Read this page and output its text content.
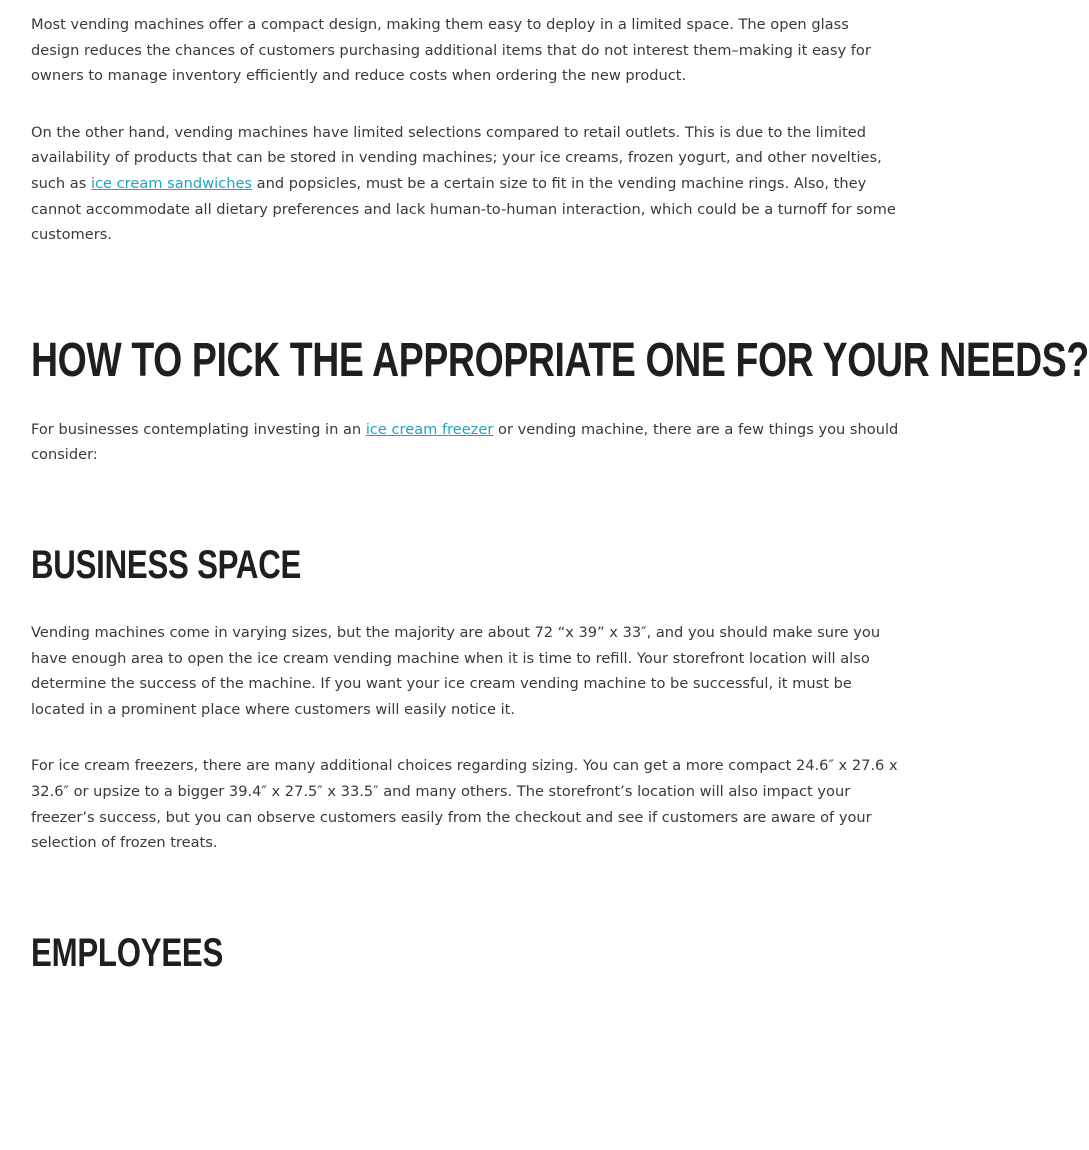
Most vending machines offer a compact design, making them easy to deploy in a limited space. The open glass design reduces the chances of customers purchasing additional items that do not interest them–making it easy for owners to manage inventory efficiently and reduce costs when ordering the new product.

On the other hand, vending machines have limited selections compared to retail outlets. This is due to the limited availability of products that can be stored in vending machines; your ice creams, frozen yogurt, and other novelties, such as ice cream sandwiches and popsicles, must be a certain size to fit in the vending machine rings. Also, they cannot accommodate all dietary preferences and lack human-to-human interaction, which could be a turnoff for some customers.

HOW TO PICK THE APPROPRIATE ONE FOR YOUR NEEDS?

For businesses contemplating investing in an ice cream freezer or vending machine, there are a few things you should consider:

BUSINESS SPACE

Vending machines come in varying sizes, but the majority are about 72 “x 39” x 33″, and you should make sure you have enough area to open the ice cream vending machine when it is time to refill. Your storefront location will also determine the success of the machine. If you want your ice cream vending machine to be successful, it must be located in a prominent place where customers will easily notice it.

For ice cream freezers, there are many additional choices regarding sizing. You can get a more compact 24.6″ x 27.6 x 32.6″ or upsize to a bigger 39.4″ x 27.5″ x 33.5″ and many others. The storefront’s location will also impact your freezer’s success, but you can observe customers easily from the checkout and see if customers are aware of your selection of frozen treats.

EMPLOYEES
